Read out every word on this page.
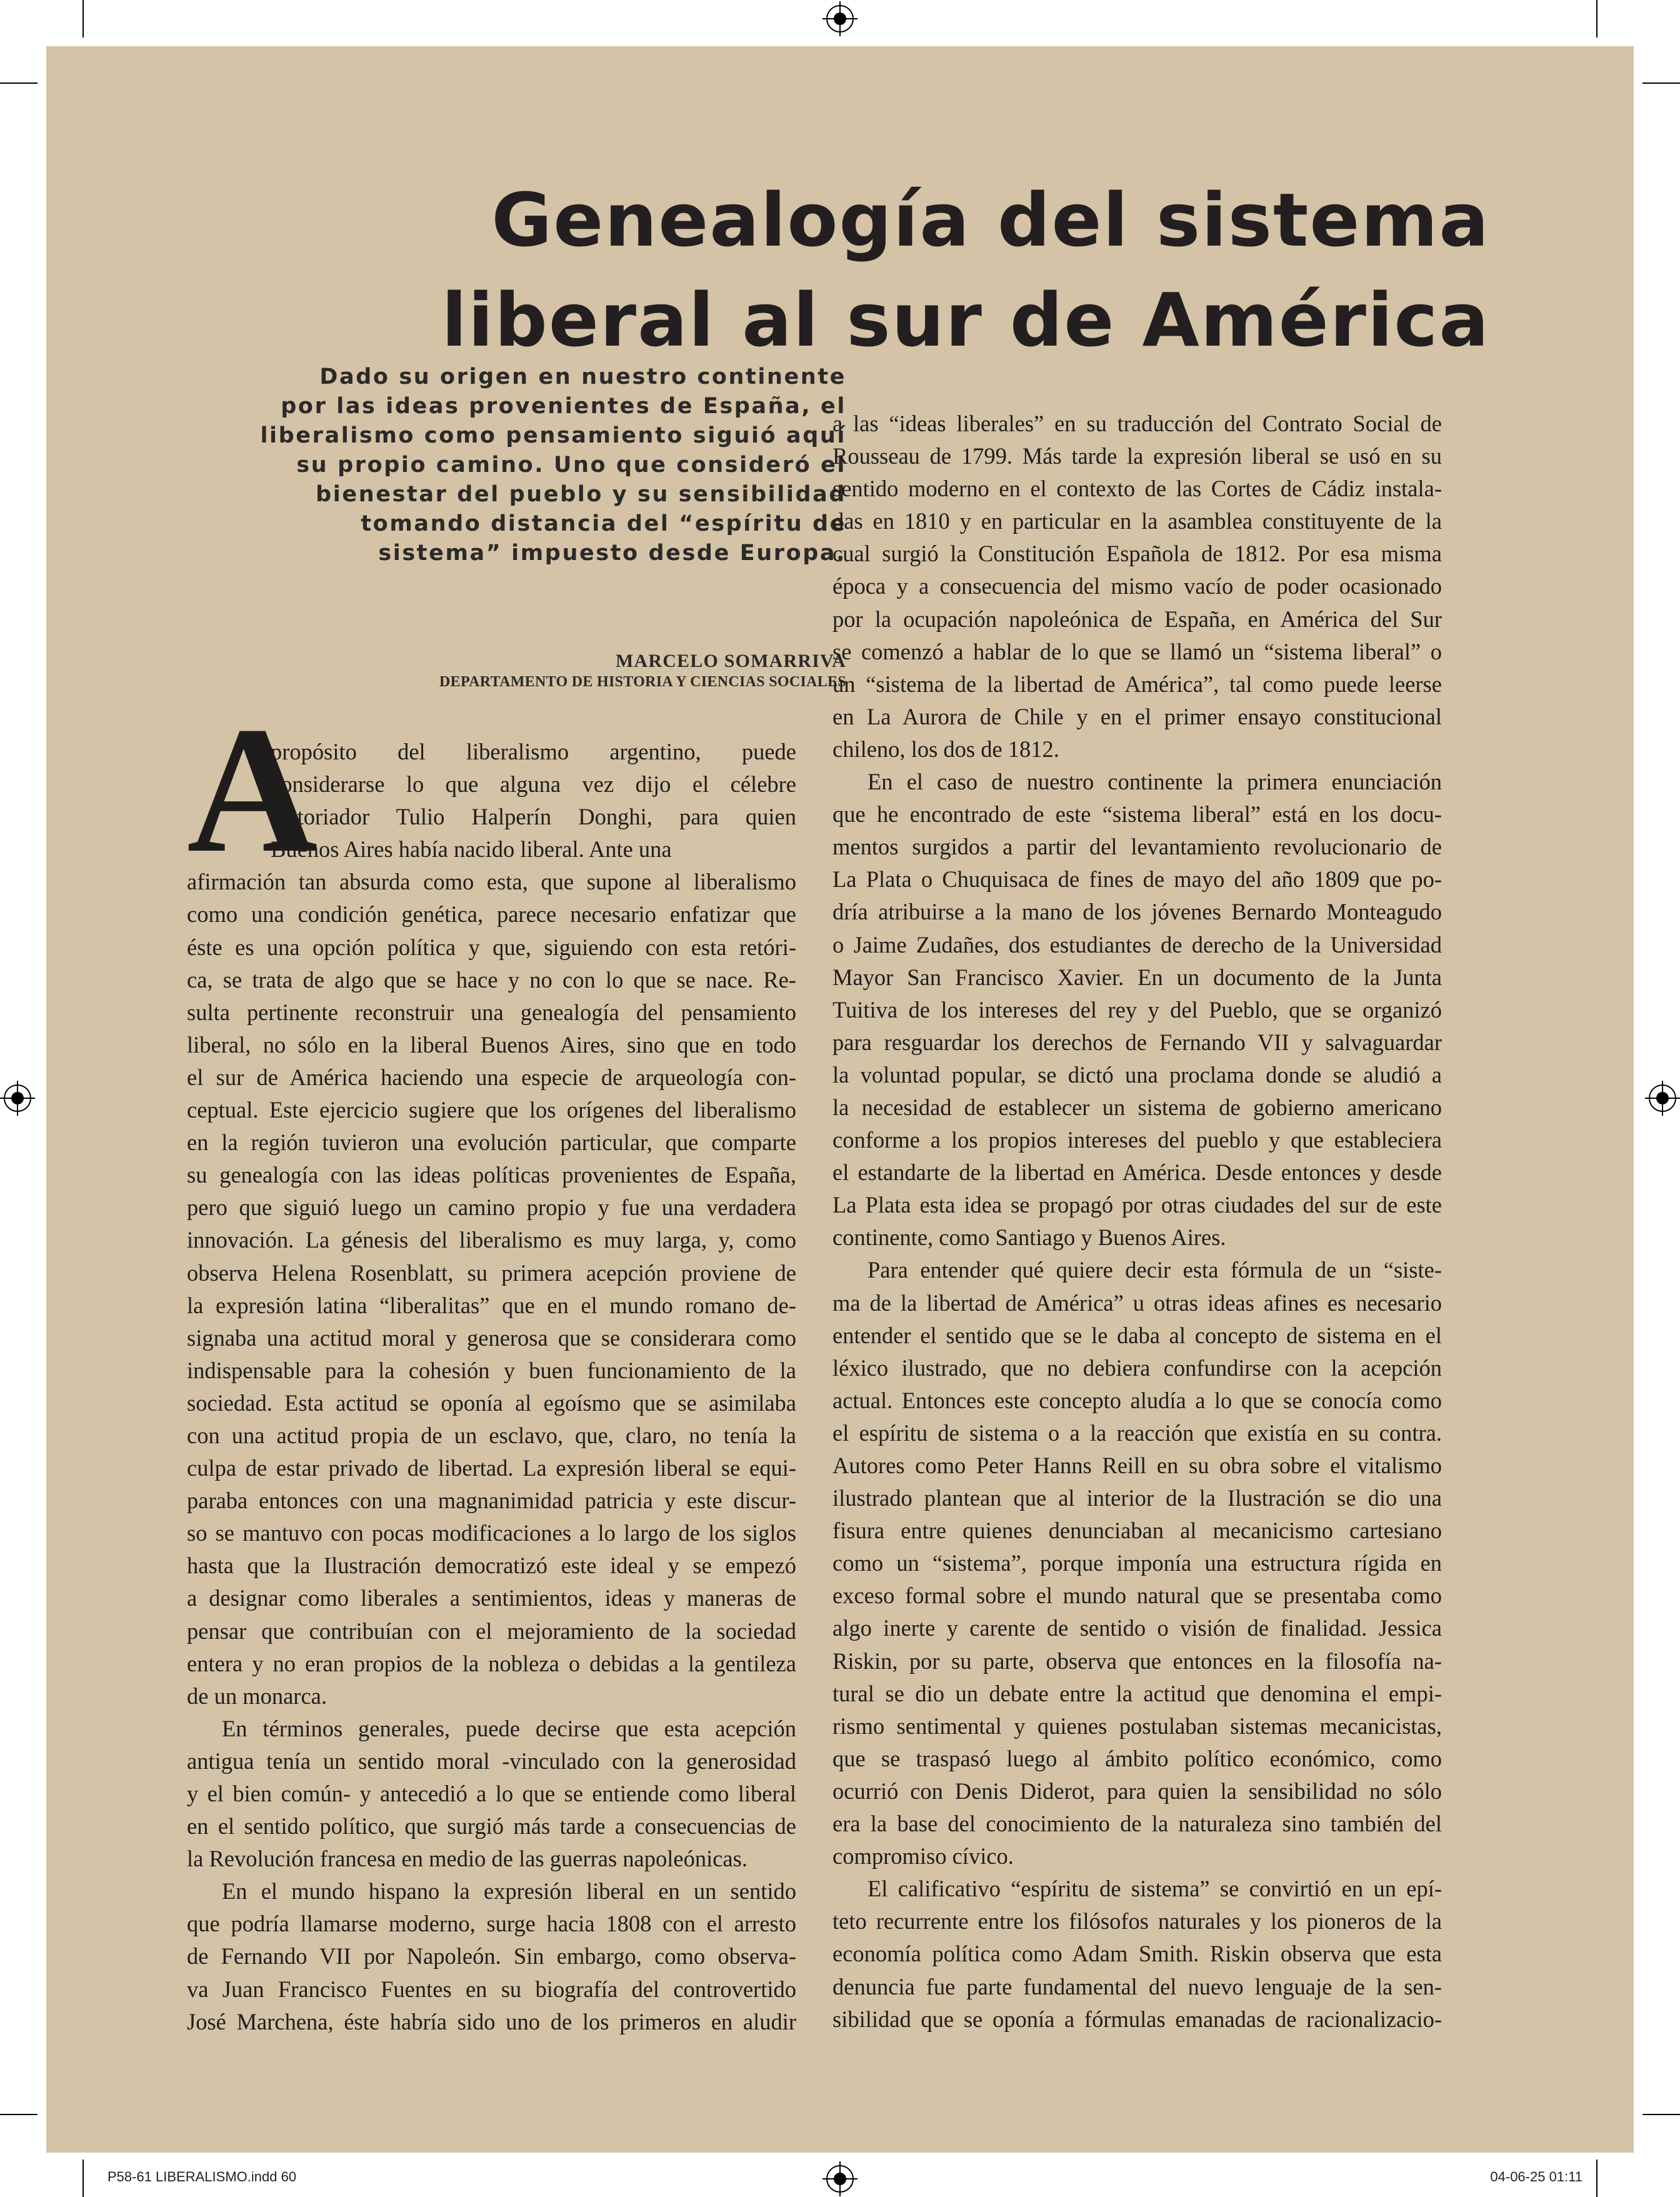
P58-61 LIBERALISMO.indd 60	04-06-25 01:11
Genealogía del sistema
liberal al sur de América
Dado su origen en nuestro continente
por las ideas provenientes de España, el
liberalismo como pensamiento siguió aquí
su propio camino. Uno que consideró el
bienestar del pueblo y su sensibilidad
tomando distancia del “espíritu de
sistema” impuesto desde Europa.
MARCELO SOMARRIVA
DEPARTAMENTO DE HISTORIA Y CIENCIAS SOCIALES
A

propósito del liberalismo argentino, puede
considerarse lo que alguna vez dijo el célebre
historiador Tulio Halperín Donghi, para quien
Buenos Aires había nacido liberal. Ante una

afirmación tan absurda como esta, que supone al liberalismo
como una condición genética, parece necesario enfatizar que
éste es una opción política y que, siguiendo con esta retóri-
ca, se trata de algo que se hace y no con lo que se nace. Re-
sulta pertinente reconstruir una genealogía del pensamiento
liberal, no sólo en la liberal Buenos Aires, sino que en todo
el sur de América haciendo una especie de arqueología con-
ceptual. Este ejercicio sugiere que los orígenes del liberalismo
en la región tuvieron una evolución particular, que comparte
su genealogía con las ideas políticas provenientes de España,
pero que siguió luego un camino propio y fue una verdadera
innovación. La génesis del liberalismo es muy larga, y, como
observa Helena Rosenblatt, su primera acepción proviene de
la expresión latina “liberalitas” que en el mundo romano de-
signaba una actitud moral y generosa que se considerara como
indispensable para la cohesión y buen funcionamiento de la
sociedad. Esta actitud se oponía al egoísmo que se asimilaba
con una actitud propia de un esclavo, que, claro, no tenía la
culpa de estar privado de libertad. La expresión liberal se equi-
paraba entonces con una magnanimidad patricia y este discur-
so se mantuvo con pocas modificaciones a lo largo de los siglos
hasta que la Ilustración democratizó este ideal y se empezó
a designar como liberales a sentimientos, ideas y maneras de
pensar que contribuían con el mejoramiento de la sociedad
entera y no eran propios de la nobleza o debidas a la gentileza
de un monarca.

En términos generales, puede decirse que esta acepción
antigua tenía un sentido moral -vinculado con la generosidad
y el bien común- y antecedió a lo que se entiende como liberal
en el sentido político, que surgió más tarde a consecuencias de
la Revolución francesa en medio de las guerras napoleónicas.

En el mundo hispano la expresión liberal en un sentido
que podría llamarse moderno, surge hacia 1808 con el arresto
de Fernando VII por Napoleón. Sin embargo, como observa-
va Juan Francisco Fuentes en su biografía del controvertido
José Marchena, éste habría sido uno de los primeros en aludir

a las “ideas liberales” en su traducción del Contrato Social de
Rousseau de 1799. Más tarde la expresión liberal se usó en su
sentido moderno en el contexto de las Cortes de Cádiz instala-
das en 1810 y en particular en la asamblea constituyente de la
cual surgió la Constitución Española de 1812. Por esa misma
época y a consecuencia del mismo vacío de poder ocasionado
por la ocupación napoleónica de España, en América del Sur
se comenzó a hablar de lo que se llamó un “sistema liberal” o
un “sistema de la libertad de América”, tal como puede leerse
en La Aurora de Chile y en el primer ensayo constitucional
chileno, los dos de 1812.

En el caso de nuestro continente la primera enunciación
que he encontrado de este “sistema liberal” está en los docu-
mentos surgidos a partir del levantamiento revolucionario de
La Plata o Chuquisaca de fines de mayo del año 1809 que po-
dría atribuirse a la mano de los jóvenes Bernardo Monteagudo
o Jaime Zudañes, dos estudiantes de derecho de la Universidad
Mayor San Francisco Xavier. En un documento de la Junta
Tuitiva de los intereses del rey y del Pueblo, que se organizó
para resguardar los derechos de Fernando VII y salvaguardar
la voluntad popular, se dictó una proclama donde se aludió a
la necesidad de establecer un sistema de gobierno americano
conforme a los propios intereses del pueblo y que estableciera
el estandarte de la libertad en América. Desde entonces y desde
La Plata esta idea se propagó por otras ciudades del sur de este
continente, como Santiago y Buenos Aires.

Para entender qué quiere decir esta fórmula de un “siste-
ma de la libertad de América” u otras ideas afines es necesario
entender el sentido que se le daba al concepto de sistema en el
léxico ilustrado, que no debiera confundirse con la acepción
actual. Entonces este concepto aludía a lo que se conocía como
el espíritu de sistema o a la reacción que existía en su contra.
Autores como Peter Hanns Reill en su obra sobre el vitalismo
ilustrado plantean que al interior de la Ilustración se dio una
fisura entre quienes denunciaban al mecanicismo cartesiano
como un “sistema”, porque imponía una estructura rígida en
exceso formal sobre el mundo natural que se presentaba como
algo inerte y carente de sentido o visión de finalidad. Jessica
Riskin, por su parte, observa que entonces en la filosofía na-
tural se dio un debate entre la actitud que denomina el empi-
rismo sentimental y quienes postulaban sistemas mecanicistas,
que se traspasó luego al ámbito político económico, como
ocurrió con Denis Diderot, para quien la sensibilidad no sólo
era la base del conocimiento de la naturaleza sino también del
compromiso cívico.

El calificativo “espíritu de sistema” se convirtió en un epí-
teto recurrente entre los filósofos naturales y los pioneros de la
economía política como Adam Smith. Riskin observa que esta
denuncia fue parte fundamental del nuevo lenguaje de la sen-
sibilidad que se oponía a fórmulas emanadas de racionalizacio-
